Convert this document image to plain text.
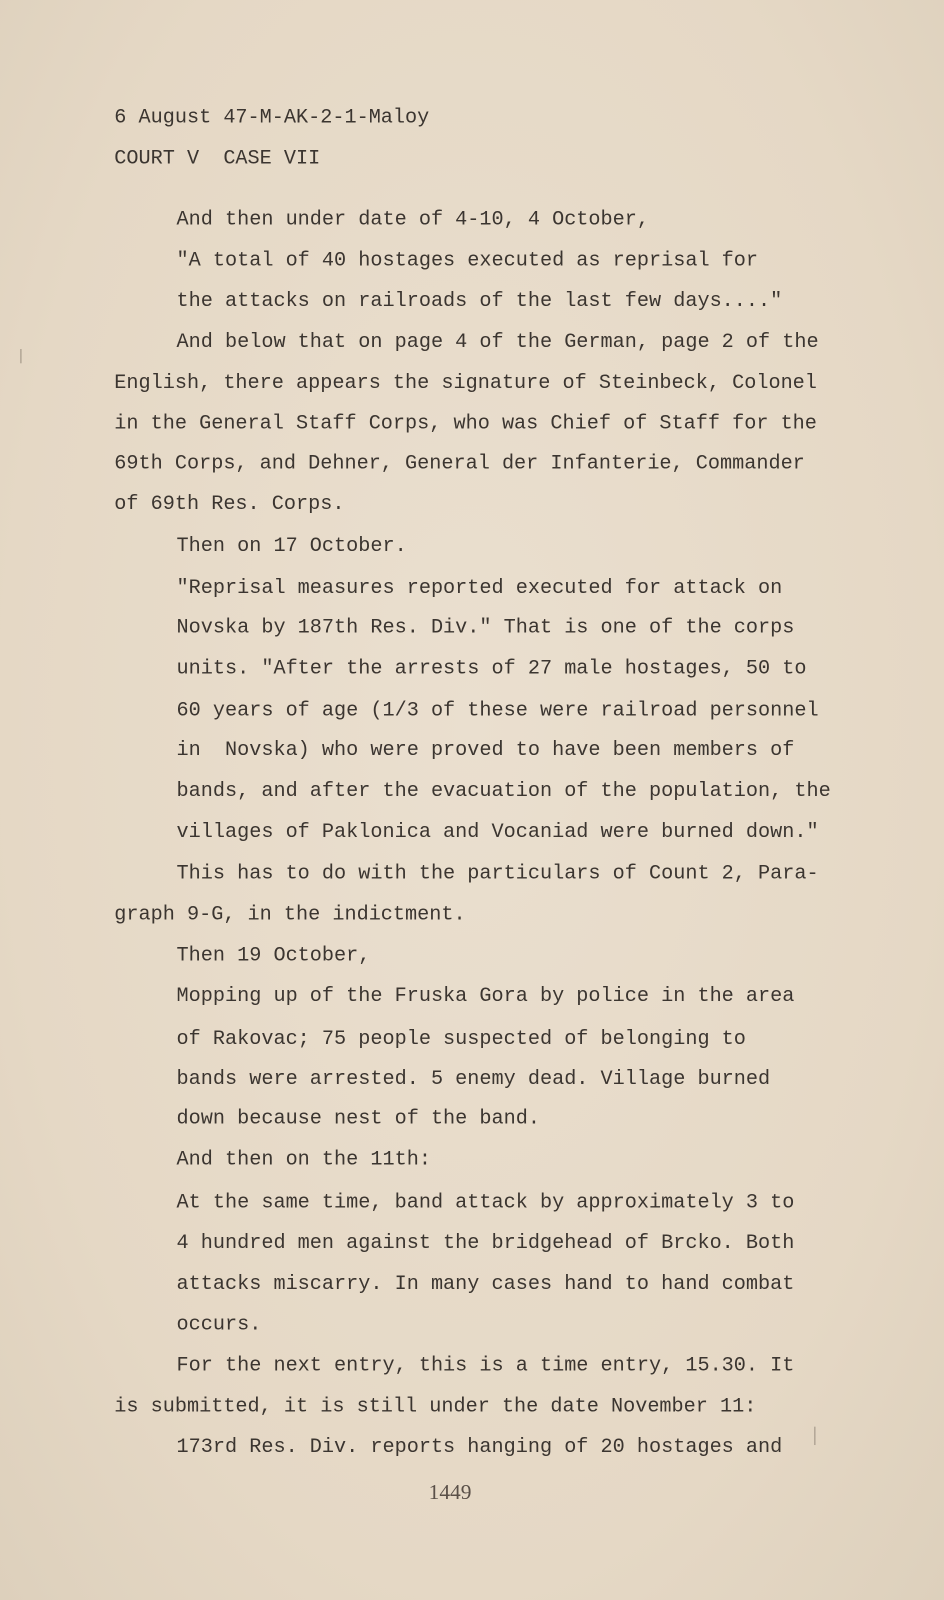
6 August 47-M-AK-2-1-Maloy
COURT V  CASE VII
And then under date of 4-10, 4 October,
"A total of 40 hostages executed as reprisal for
the attacks on railroads of the last few days...."
And below that on page 4 of the German, page 2 of the
English, there appears the signature of Steinbeck, Colonel
in the General Staff Corps, who was Chief of Staff for the
69th Corps, and Dehner, General der Infanterie, Commander
of 69th Res. Corps.
Then on 17 October.
"Reprisal measures reported executed for attack on
Novska by 187th Res. Div." That is one of the corps
units. "After the arrests of 27 male hostages, 50 to
60 years of age (1/3 of these were railroad personnel
in  Novska) who were proved to have been members of
bands, and after the evacuation of the population, the
villages of Paklonica and Vocaniad were burned down."
This has to do with the particulars of Count 2, Para-
graph 9-G, in the indictment.
Then 19 October,
Mopping up of the Fruska Gora by police in the area
of Rakovac; 75 people suspected of belonging to
bands were arrested. 5 enemy dead. Village burned
down because nest of the band.
And then on the 11th:
At the same time, band attack by approximately 3 to
4 hundred men against the bridgehead of Brcko. Both
attacks miscarry. In many cases hand to hand combat
occurs.
For the next entry, this is a time entry, 15.30. It
is submitted, it is still under the date November 11:
173rd Res. Div. reports hanging of 20 hostages and
1449
